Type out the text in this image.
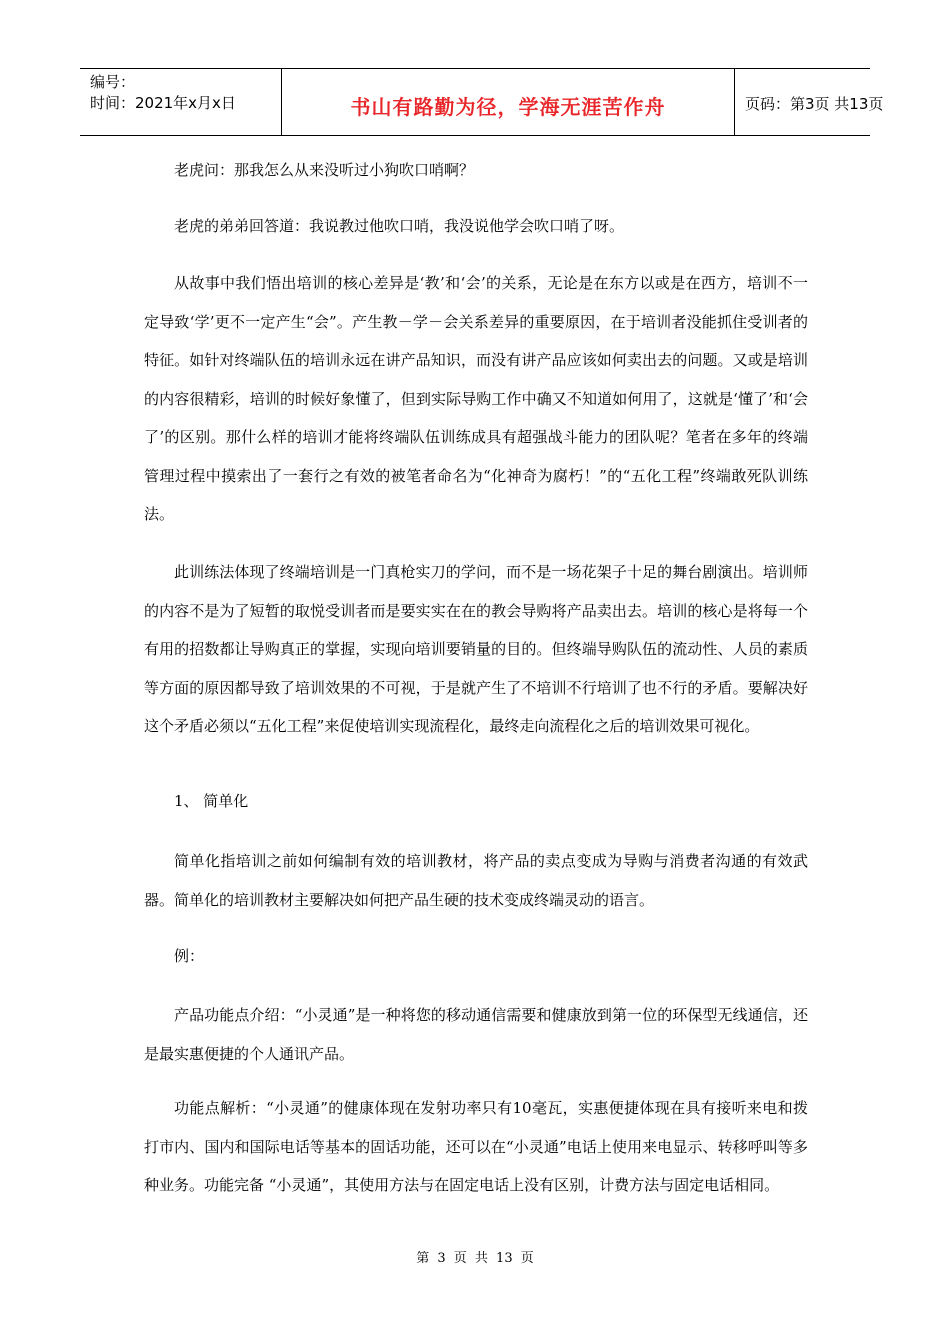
编号：
时间：2021年x月x日	书山有路勤为径，学海无涯苦作舟	页码：第3页 共13页
老虎问：那我怎么从来没听过小狗吹口哨啊？
老虎的弟弟回答道：我说教过他吹口哨，我没说他学会吹口哨了呀。
从故事中我们悟出培训的核心差异是‘教’和‘会’的关系，无论是在东方以或是在西方，培训不一定导致‘学’更不一定产生“会”。产生教－学－会关系差异的重要原因，在于培训者没能抓住受训者的特征。如针对终端队伍的培训永远在讲产品知识，而没有讲产品应该如何卖出去的问题。又或是培训的内容很精彩，培训的时候好象懂了，但到实际导购工作中确又不知道如何用了，这就是‘懂了’和‘会了’的区别。那什么样的培训才能将终端队伍训练成具有超强战斗能力的团队呢？笔者在多年的终端管理过程中摸索出了一套行之有效的被笔者命名为“化神奇为腐朽！”的“五化工程”终端敢死队训练法。
此训练法体现了终端培训是一门真枪实刀的学问，而不是一场花架子十足的舞台剧演出。培训师的内容不是为了短暂的取悦受训者而是要实实在在的教会导购将产品卖出去。培训的核心是将每一个有用的招数都让导购真正的掌握，实现向培训要销量的目的。但终端导购队伍的流动性、人员的素质等方面的原因都导致了培训效果的不可视，于是就产生了不培训不行培训了也不行的矛盾。要解决好这个矛盾必须以“五化工程”来促使培训实现流程化，最终走向流程化之后的培训效果可视化。
1、 简单化
简单化指培训之前如何编制有效的培训教材，将产品的卖点变成为导购与消费者沟通的有效武器。简单化的培训教材主要解决如何把产品生硬的技术变成终端灵动的语言。
例：
产品功能点介绍：“小灵通”是一种将您的移动通信需要和健康放到第一位的环保型无线通信，还是最实惠便捷的个人通讯产品。
功能点解析：“小灵通”的健康体现在发射功率只有10毫瓦，实惠便捷体现在具有接听来电和拨打市内、国内和国际电话等基本的固话功能，还可以在“小灵通”电话上使用来电显示、转移呼叫等多种业务。功能完备 “小灵通”，其使用方法与在固定电话上没有区别，计费方法与固定电话相同。
第 3 页 共 13 页
